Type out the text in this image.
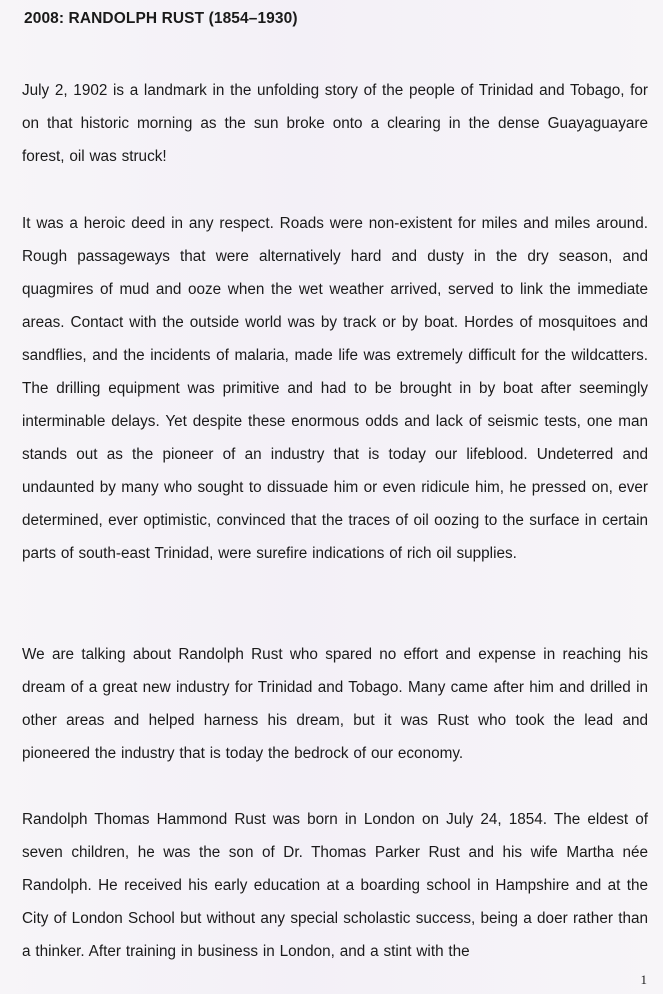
2008: RANDOLPH RUST (1854–1930)

July 2, 1902 is a landmark in the unfolding story of the people of Trinidad and Tobago, for on that historic morning as the sun broke onto a clearing in the dense Guayaguayare forest, oil was struck!

It was a heroic deed in any respect. Roads were non-existent for miles and miles around. Rough passageways that were alternatively hard and dusty in the dry season, and quagmires of mud and ooze when the wet weather arrived, served to link the immediate areas. Contact with the outside world was by track or by boat. Hordes of mosquitoes and sandflies, and the incidents of malaria, made life was extremely difficult for the wildcatters. The drilling equipment was primitive and had to be brought in by boat after seemingly interminable delays. Yet despite these enormous odds and lack of seismic tests, one man stands out as the pioneer of an industry that is today our lifeblood. Undeterred and undaunted by many who sought to dissuade him or even ridicule him, he pressed on, ever determined, ever optimistic, convinced that the traces of oil oozing to the surface in certain parts of south-east Trinidad, were surefire indications of rich oil supplies.

We are talking about Randolph Rust who spared no effort and expense in reaching his dream of a great new industry for Trinidad and Tobago. Many came after him and drilled in other areas and helped harness his dream, but it was Rust who took the lead and pioneered the industry that is today the bedrock of our economy.

Randolph Thomas Hammond Rust was born in London on July 24, 1854. The eldest of seven children, he was the son of Dr. Thomas Parker Rust and his wife Martha née Randolph. He received his early education at a boarding school in Hampshire and at the City of London School but without any special scholastic success, being a doer rather than a thinker. After training in business in London, and a stint with the

1
